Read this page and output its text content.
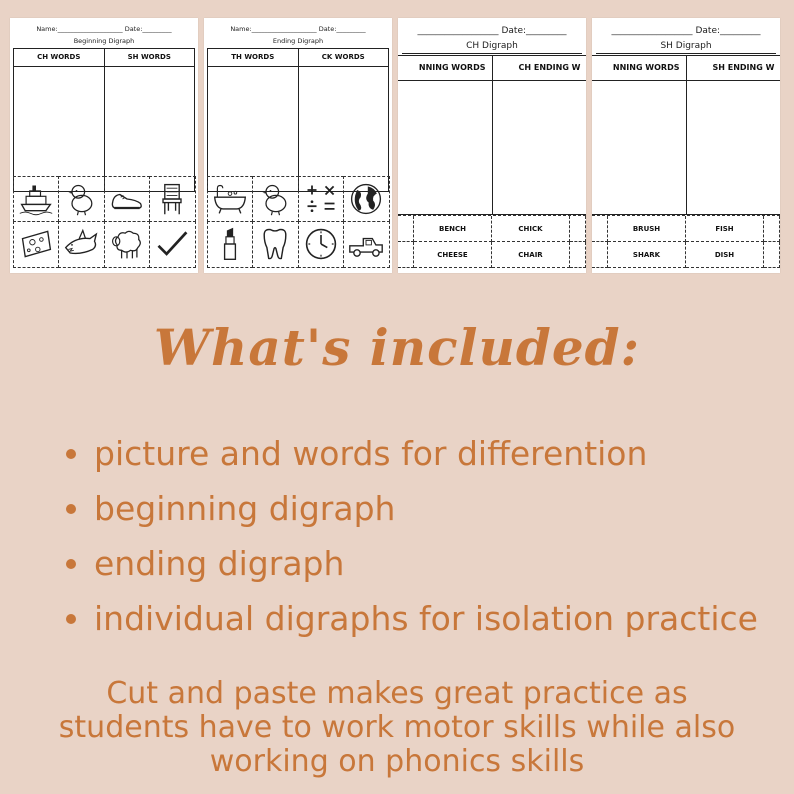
Name:____________________ Date:_________
Beginning Digraph
CH WORDS	SH WORDS
Name:____________________ Date:_________
Ending Digraph
TH WORDS	CK WORDS
__________________ Date:_________
CH Digraph
NNING WORDS	CH ENDING W
BENCH	CHICK
CHEESE	CHAIR
__________________ Date:_________
SH Digraph
NNING WORDS	SH ENDING W
BRUSH	FISH
SHARK	DISH
What's included:
picture and words for differention
beginning digraph
ending digraph
individual digraphs for isolation practice
Cut and paste makes great practice as
students have to work motor skills while also
working on phonics skills
